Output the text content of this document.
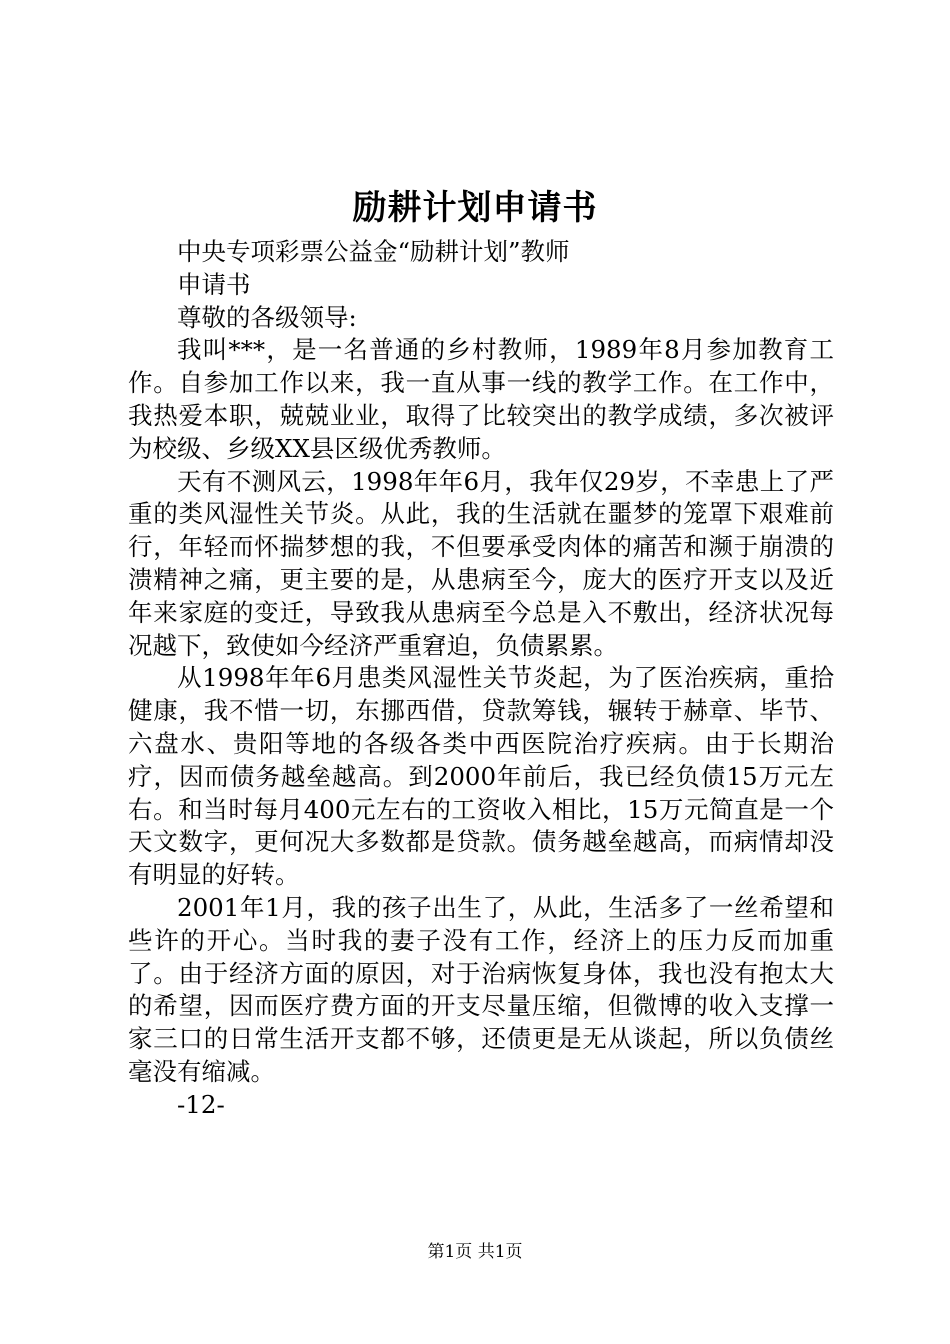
励耕计划申请书

中央专项彩票公益金“励耕计划”教师

申请书

尊敬的各级领导:

我叫***，是一名普通的乡村教师，1989年8月参加教育工作。自参加工作以来，我一直从事一线的教学工作。在工作中，我热爱本职，兢兢业业，取得了比较突出的教学成绩，多次被评为校级、乡级XX县区级优秀教师。

天有不测风云，1998年年6月，我年仅29岁，不幸患上了严重的类风湿性关节炎。从此，我的生活就在噩梦的笼罩下艰难前行，年轻而怀揣梦想的我，不但要承受肉体的痛苦和濒于崩溃的溃精神之痛，更主要的是，从患病至今，庞大的医疗开支以及近年来家庭的变迁，导致我从患病至今总是入不敷出，经济状况每况越下，致使如今经济严重窘迫，负债累累。

从1998年年6月患类风湿性关节炎起，为了医治疾病，重拾健康，我不惜一切，东挪西借，贷款筹钱，辗转于赫章、毕节、六盘水、贵阳等地的各级各类中西医院治疗疾病。由于长期治疗，因而债务越垒越高。到2000年前后，我已经负债15万元左右。和当时每月400元左右的工资收入相比，15万元简直是一个天文数字，更何况大多数都是贷款。债务越垒越高，而病情却没有明显的好转。

2001年1月，我的孩子出生了，从此，生活多了一丝希望和些许的开心。当时我的妻子没有工作，经济上的压力反而加重了。由于经济方面的原因，对于治病恢复身体，我也没有抱太大的希望，因而医疗费方面的开支尽量压缩，但微博的收入支撑一家三口的日常生活开支都不够，还债更是无从谈起，所以负债丝毫没有缩减。

-12-

第1页 共1页
